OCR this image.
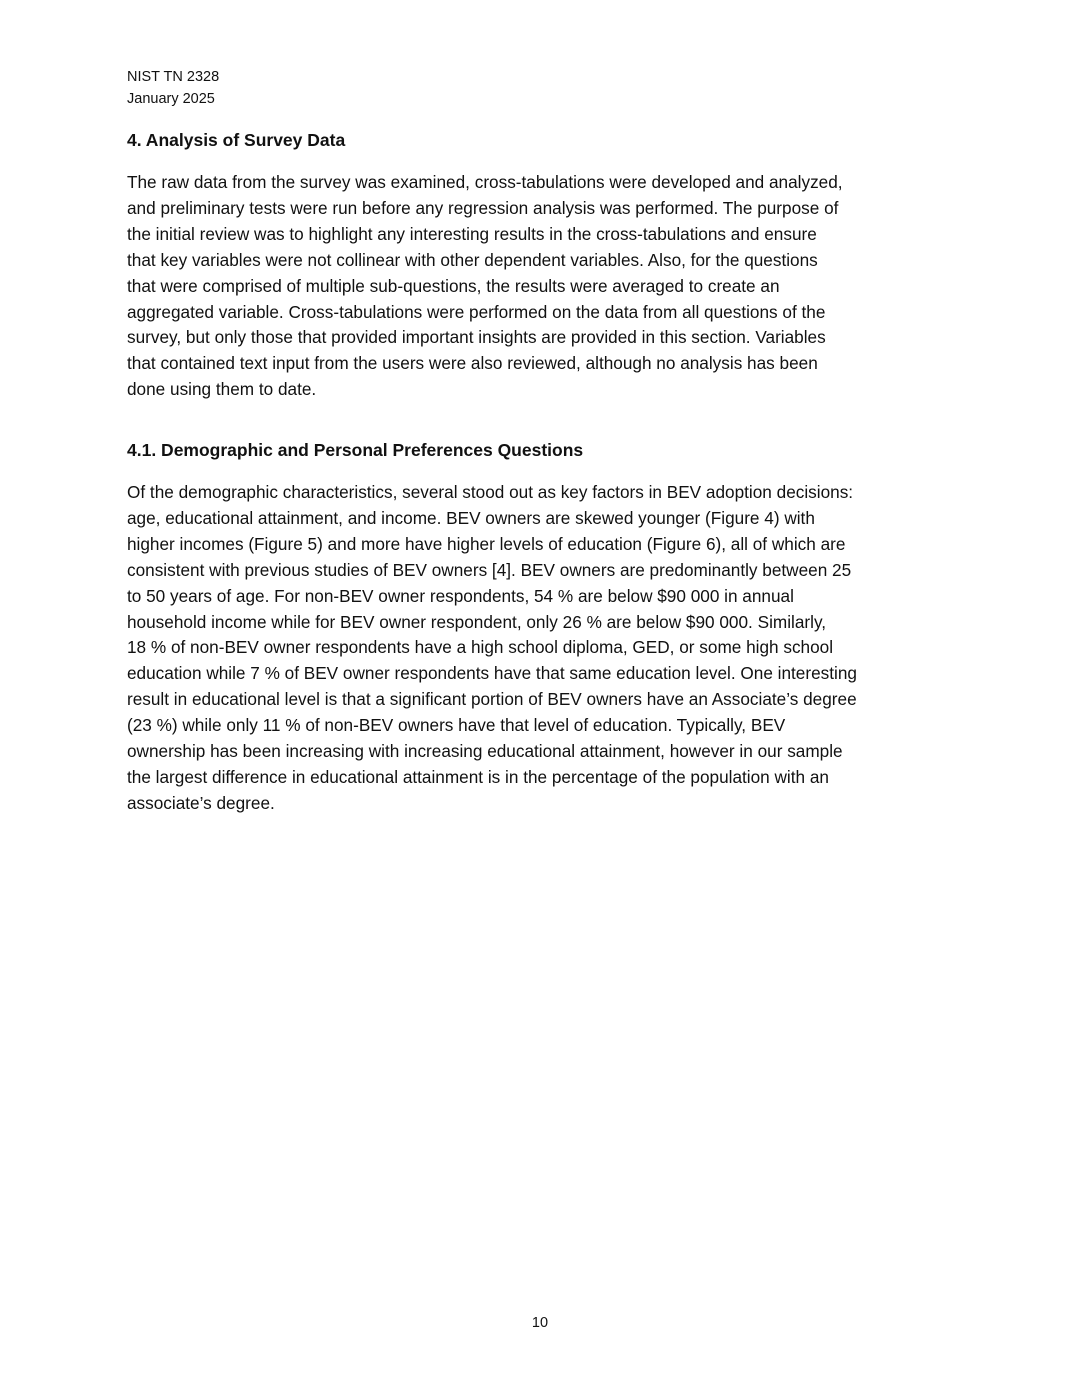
NIST TN 2328
January 2025
4. Analysis of Survey Data

The raw data from the survey was examined, cross-tabulations were developed and analyzed,
and preliminary tests were run before any regression analysis was performed. The purpose of
the initial review was to highlight any interesting results in the cross-tabulations and ensure
that key variables were not collinear with other dependent variables. Also, for the questions
that were comprised of multiple sub-questions, the results were averaged to create an
aggregated variable. Cross-tabulations were performed on the data from all questions of the
survey, but only those that provided important insights are provided in this section. Variables
that contained text input from the users were also reviewed, although no analysis has been
done using them to date.

4.1. Demographic and Personal Preferences Questions

Of the demographic characteristics, several stood out as key factors in BEV adoption decisions:
age, educational attainment, and income. BEV owners are skewed younger (Figure 4) with
higher incomes (Figure 5) and more have higher levels of education (Figure 6), all of which are
consistent with previous studies of BEV owners [4]. BEV owners are predominantly between 25
to 50 years of age. For non-BEV owner respondents, 54 % are below $90 000 in annual
household income while for BEV owner respondent, only 26 % are below $90 000. Similarly,
18 % of non-BEV owner respondents have a high school diploma, GED, or some high school
education while 7 % of BEV owner respondents have that same education level. One interesting
result in educational level is that a significant portion of BEV owners have an Associate’s degree
(23 %) while only 11 % of non-BEV owners have that level of education. Typically, BEV
ownership has been increasing with increasing educational attainment, however in our sample
the largest difference in educational attainment is in the percentage of the population with an
associate’s degree.

10
